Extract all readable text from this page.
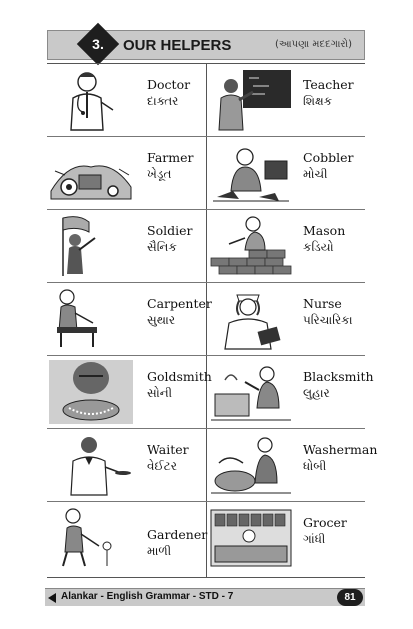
3.	OUR HELPERS	(આપણા મદદગારો)
Doctor
દાક્તર
Teacher
શિક્ષક
Farmer
ખેડૂત
Cobbler
મોચી
Soldier
સૈનિક
Mason
કડિયો
Carpenter
સુથાર
Nurse
પરિચારિકા
Goldsmith
સોની
Blacksmith
લુહાર
Waiter
વેઈટર
Washerman
ધોબી
Gardener
માળી
Grocer
ગાંધી
Alankar - English Grammar - STD - 7	81
